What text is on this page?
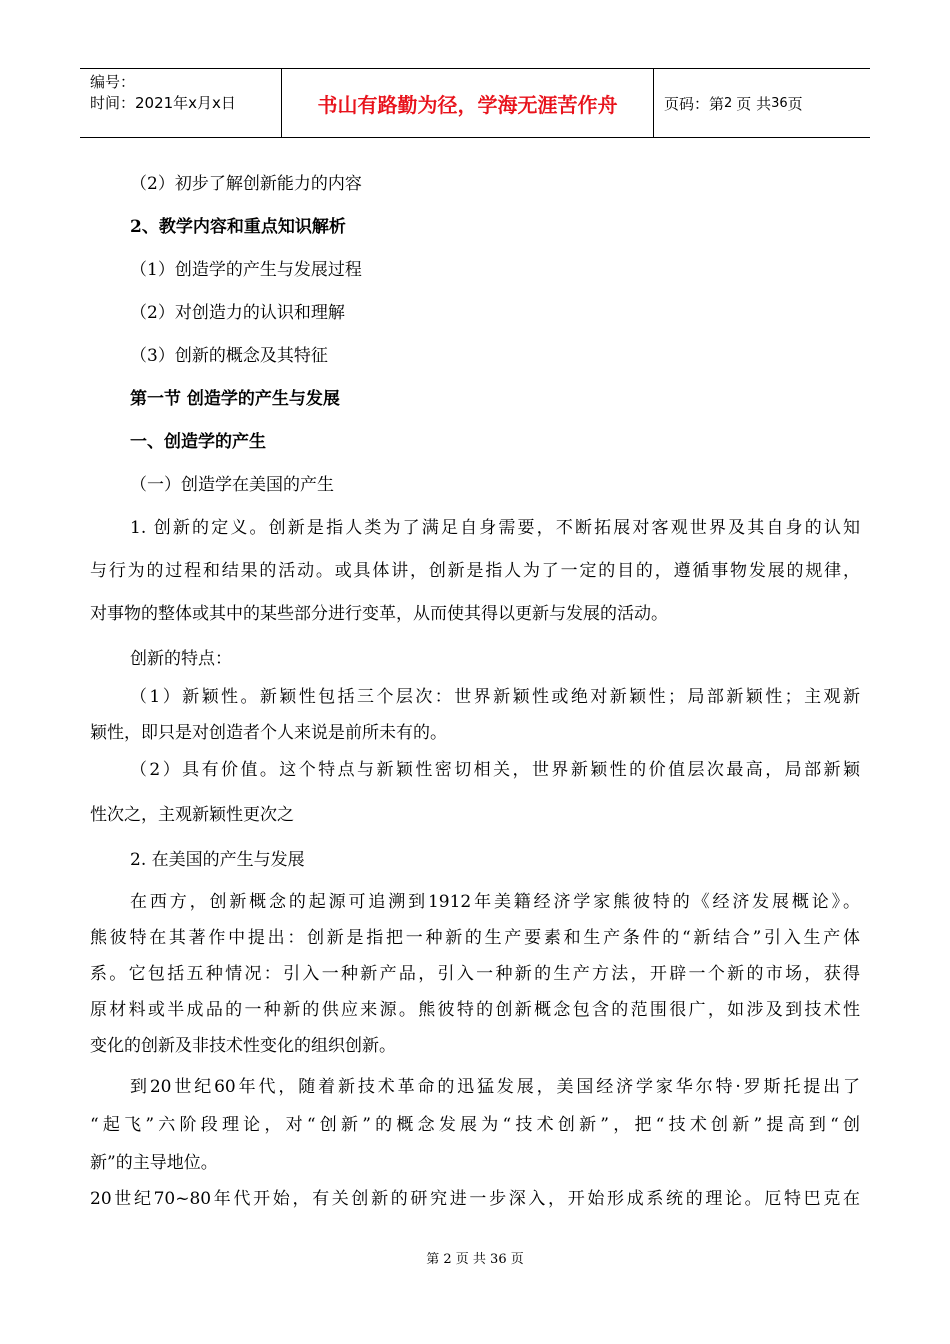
编号：
时间：2021年x月x日	书山有路勤为径，学海无涯苦作舟	页码：第 2 页 共 36 页
（2）初步了解创新能力的内容
2、教学内容和重点知识解析
（1）创造学的产生与发展过程
（2）对创造力的认识和理解
（3）创新的概念及其特征
第一节 创造学的产生与发展
一、创造学的产生
（一）创造学在美国的产生
1. 创新的定义。创新是指人类为了满足自身需要，不断拓展对客观世界及其自身的认知
与行为的过程和结果的活动。或具体讲，创新是指人为了一定的目的，遵循事物发展的规律，
对事物的整体或其中的某些部分进行变革，从而使其得以更新与发展的活动。
创新的特点：
（1）新颖性。新颖性包括三个层次：世界新颖性或绝对新颖性；局部新颖性；主观新
颖性，即只是对创造者个人来说是前所未有的。
（2）具有价值。这个特点与新颖性密切相关，世界新颖性的价值层次最高，局部新颖
性次之，主观新颖性更次之
2. 在美国的产生与发展
在西方，创新概念的起源可追溯到1912年美籍经济学家熊彼特的《经济发展概论》。
熊彼特在其著作中提出：创新是指把一种新的生产要素和生产条件的“新结合”引入生产体
系。它包括五种情况：引入一种新产品，引入一种新的生产方法，开辟一个新的市场，获得
原材料或半成品的一种新的供应来源。熊彼特的创新概念包含的范围很广，如涉及到技术性
变化的创新及非技术性变化的组织创新。
到20世纪60年代，随着新技术革命的迅猛发展，美国经济学家华尔特·罗斯托提出了
“起飞”六阶段理论，对“创新”的概念发展为“技术创新”，把“技术创新”提高到“创
新”的主导地位。
20世纪70~80年代开始，有关创新的研究进一步深入，开始形成系统的理论。厄特巴克在
第 2 页 共 36 页
